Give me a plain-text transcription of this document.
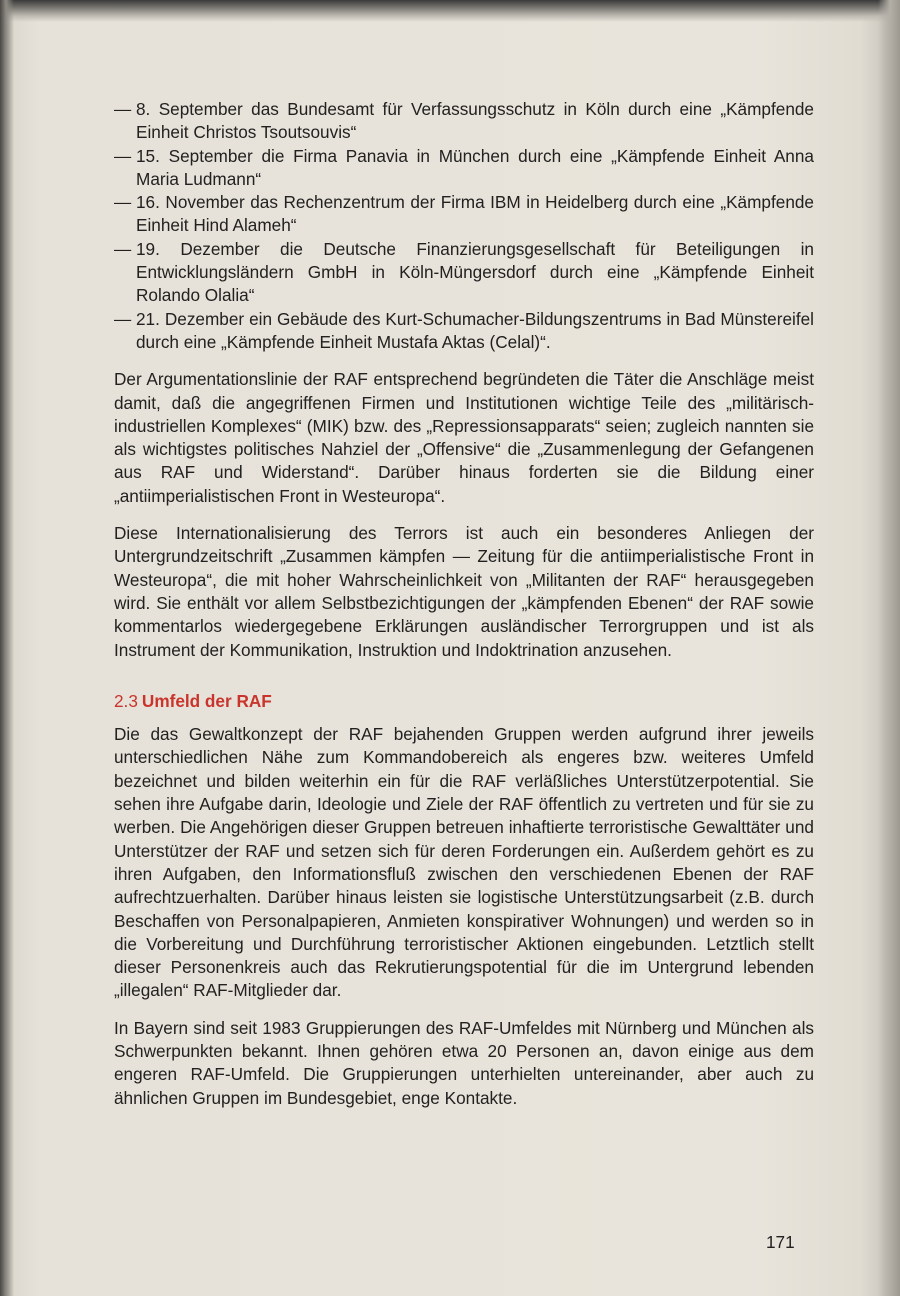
— 8. September das Bundesamt für Verfassungsschutz in Köln durch eine „Kämpfende Einheit Christos Tsoutsouvis“
— 15. September die Firma Panavia in München durch eine „Kämpfende Einheit Anna Maria Ludmann“
— 16. November das Rechenzentrum der Firma IBM in Heidelberg durch eine „Kämpfende Einheit Hind Alameh“
— 19. Dezember die Deutsche Finanzierungsgesellschaft für Beteiligungen in Entwicklungsländern GmbH in Köln-Müngersdorf durch eine „Kämpfende Einheit Rolando Olalia“
— 21. Dezember ein Gebäude des Kurt-Schumacher-Bildungszentrums in Bad Münstereifel durch eine „Kämpfende Einheit Mustafa Aktas (Celal)“.

Der Argumentationslinie der RAF entsprechend begründeten die Täter die Anschläge meist damit, daß die angegriffenen Firmen und Institutionen wichtige Teile des „militärisch-industriellen Komplexes“ (MIK) bzw. des „Repressionsapparats“ seien; zugleich nannten sie als wichtigstes politisches Nahziel der „Offensive“ die „Zusammenlegung der Gefangenen aus RAF und Widerstand“. Darüber hinaus forderten sie die Bildung einer „antiimperialistischen Front in Westeuropa“.

Diese Internationalisierung des Terrors ist auch ein besonderes Anliegen der Untergrundzeitschrift „Zusammen kämpfen — Zeitung für die antiimperialistische Front in Westeuropa“, die mit hoher Wahrscheinlichkeit von „Militanten der RAF“ herausgegeben wird. Sie enthält vor allem Selbstbezichtigungen der „kämpfenden Ebenen“ der RAF sowie kommentarlos wiedergegebene Erklärungen ausländischer Terrorgruppen und ist als Instrument der Kommunikation, Instruktion und Indoktrination anzusehen.

2.3 Umfeld der RAF

Die das Gewaltkonzept der RAF bejahenden Gruppen werden aufgrund ihrer jeweils unterschiedlichen Nähe zum Kommandobereich als engeres bzw. weiteres Umfeld bezeichnet und bilden weiterhin ein für die RAF verläßliches Unterstützerpotential. Sie sehen ihre Aufgabe darin, Ideologie und Ziele der RAF öffentlich zu vertreten und für sie zu werben. Die Angehörigen dieser Gruppen betreuen inhaftierte terroristische Gewalttäter und Unterstützer der RAF und setzen sich für deren Forderungen ein. Außerdem gehört es zu ihren Aufgaben, den Informationsfluß zwischen den verschiedenen Ebenen der RAF aufrechtzuerhalten. Darüber hinaus leisten sie logistische Unterstützungsarbeit (z.B. durch Beschaffen von Personalpapieren, Anmieten konspirativer Wohnungen) und werden so in die Vorbereitung und Durchführung terroristischer Aktionen eingebunden. Letztlich stellt dieser Personenkreis auch das Rekrutierungspotential für die im Untergrund lebenden „illegalen“ RAF-Mitglieder dar.

In Bayern sind seit 1983 Gruppierungen des RAF-Umfeldes mit Nürnberg und München als Schwerpunkten bekannt. Ihnen gehören etwa 20 Personen an, davon einige aus dem engeren RAF-Umfeld. Die Gruppierungen unterhielten untereinander, aber auch zu ähnlichen Gruppen im Bundesgebiet, enge Kontakte.

171
